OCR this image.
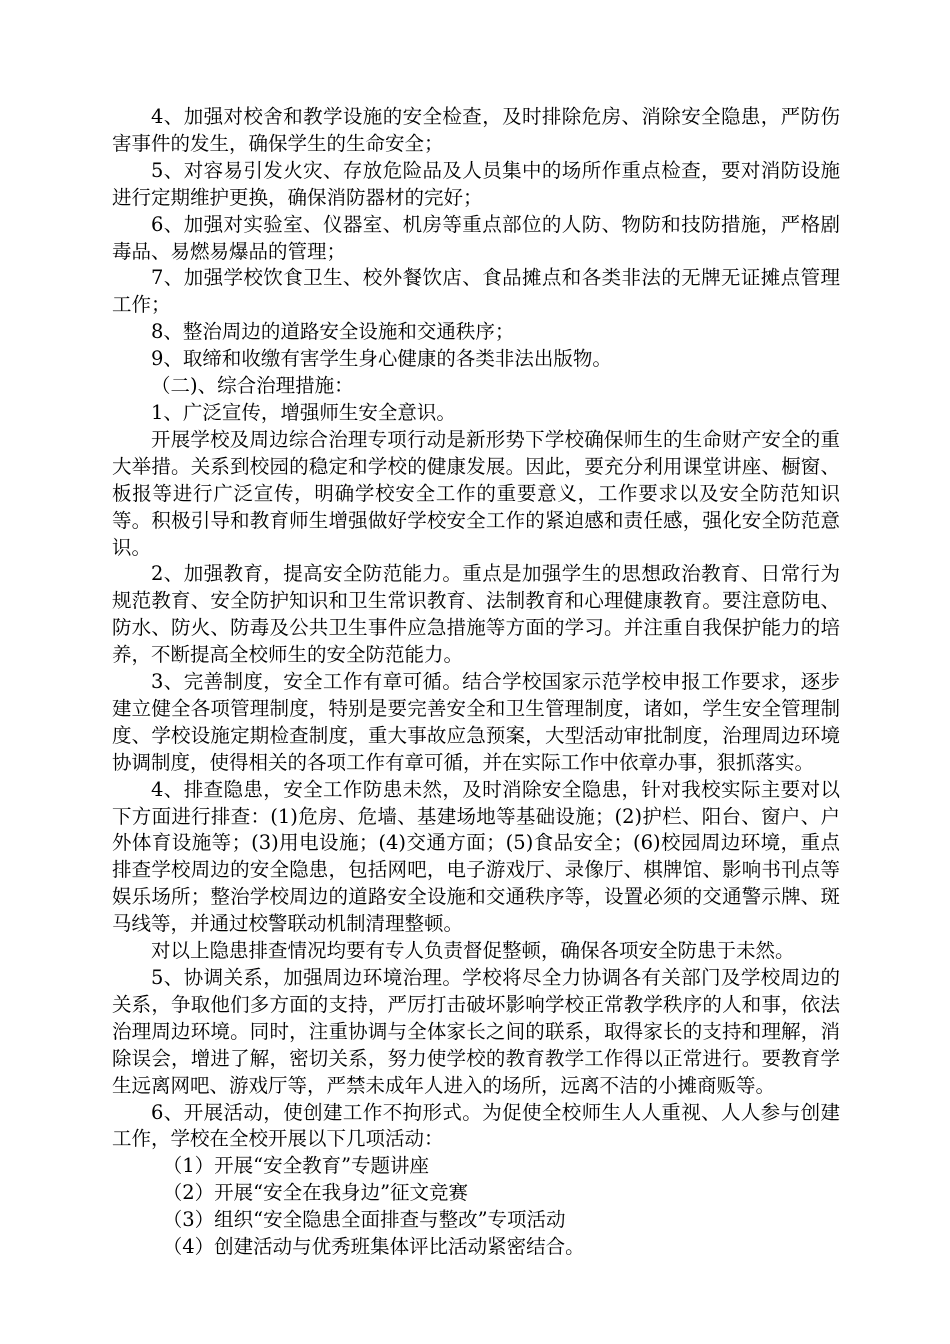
4、加强对校舍和教学设施的安全检查，及时排除危房、消除安全隐患，严防伤害事件的发生，确保学生的生命安全；

5、对容易引发火灾、存放危险品及人员集中的场所作重点检查，要对消防设施进行定期维护更换，确保消防器材的完好；

6、加强对实验室、仪器室、机房等重点部位的人防、物防和技防措施，严格剧毒品、易燃易爆品的管理；

7、加强学校饮食卫生、校外餐饮店、食品摊点和各类非法的无牌无证摊点管理工作；

8、整治周边的道路安全设施和交通秩序；

9、取缔和收缴有害学生身心健康的各类非法出版物。

（二)、综合治理措施：

1、广泛宣传，增强师生安全意识。

开展学校及周边综合治理专项行动是新形势下学校确保师生的生命财产安全的重大举措。关系到校园的稳定和学校的健康发展。因此，要充分利用课堂讲座、橱窗、板报等进行广泛宣传，明确学校安全工作的重要意义，工作要求以及安全防范知识等。积极引导和教育师生增强做好学校安全工作的紧迫感和责任感，强化安全防范意识。

2、加强教育，提高安全防范能力。重点是加强学生的思想政治教育、日常行为规范教育、安全防护知识和卫生常识教育、法制教育和心理健康教育。要注意防电、防水、防火、防毒及公共卫生事件应急措施等方面的学习。并注重自我保护能力的培养，不断提高全校师生的安全防范能力。

3、完善制度，安全工作有章可循。结合学校国家示范学校申报工作要求，逐步建立健全各项管理制度，特别是要完善安全和卫生管理制度，诸如，学生安全管理制度、学校设施定期检查制度，重大事故应急预案，大型活动审批制度，治理周边环境协调制度，使得相关的各项工作有章可循，并在实际工作中依章办事，狠抓落实。

4、排查隐患，安全工作防患未然，及时消除安全隐患，针对我校实际主要对以下方面进行排查：(1)危房、危墙、基建场地等基础设施；(2)护栏、阳台、窗户、户外体育设施等；(3)用电设施；(4)交通方面；(5)食品安全；(6)校园周边环境，重点排查学校周边的安全隐患，包括网吧，电子游戏厅、录像厅、棋牌馆、影响书刊点等娱乐场所；整治学校周边的道路安全设施和交通秩序等，设置必须的交通警示牌、斑马线等，并通过校警联动机制清理整顿。

对以上隐患排查情况均要有专人负责督促整顿，确保各项安全防患于未然。

5、协调关系，加强周边环境治理。学校将尽全力协调各有关部门及学校周边的关系，争取他们多方面的支持，严厉打击破坏影响学校正常教学秩序的人和事，依法治理周边环境。同时，注重协调与全体家长之间的联系，取得家长的支持和理解，消除误会，增进了解，密切关系，努力使学校的教育教学工作得以正常进行。要教育学生远离网吧、游戏厅等，严禁未成年人进入的场所，远离不洁的小摊商贩等。

6、开展活动，使创建工作不拘形式。为促使全校师生人人重视、人人参与创建工作，学校在全校开展以下几项活动：

（1）开展“安全教育”专题讲座

（2）开展“安全在我身边”征文竞赛

（3）组织“安全隐患全面排查与整改”专项活动

（4）创建活动与优秀班集体评比活动紧密结合。
